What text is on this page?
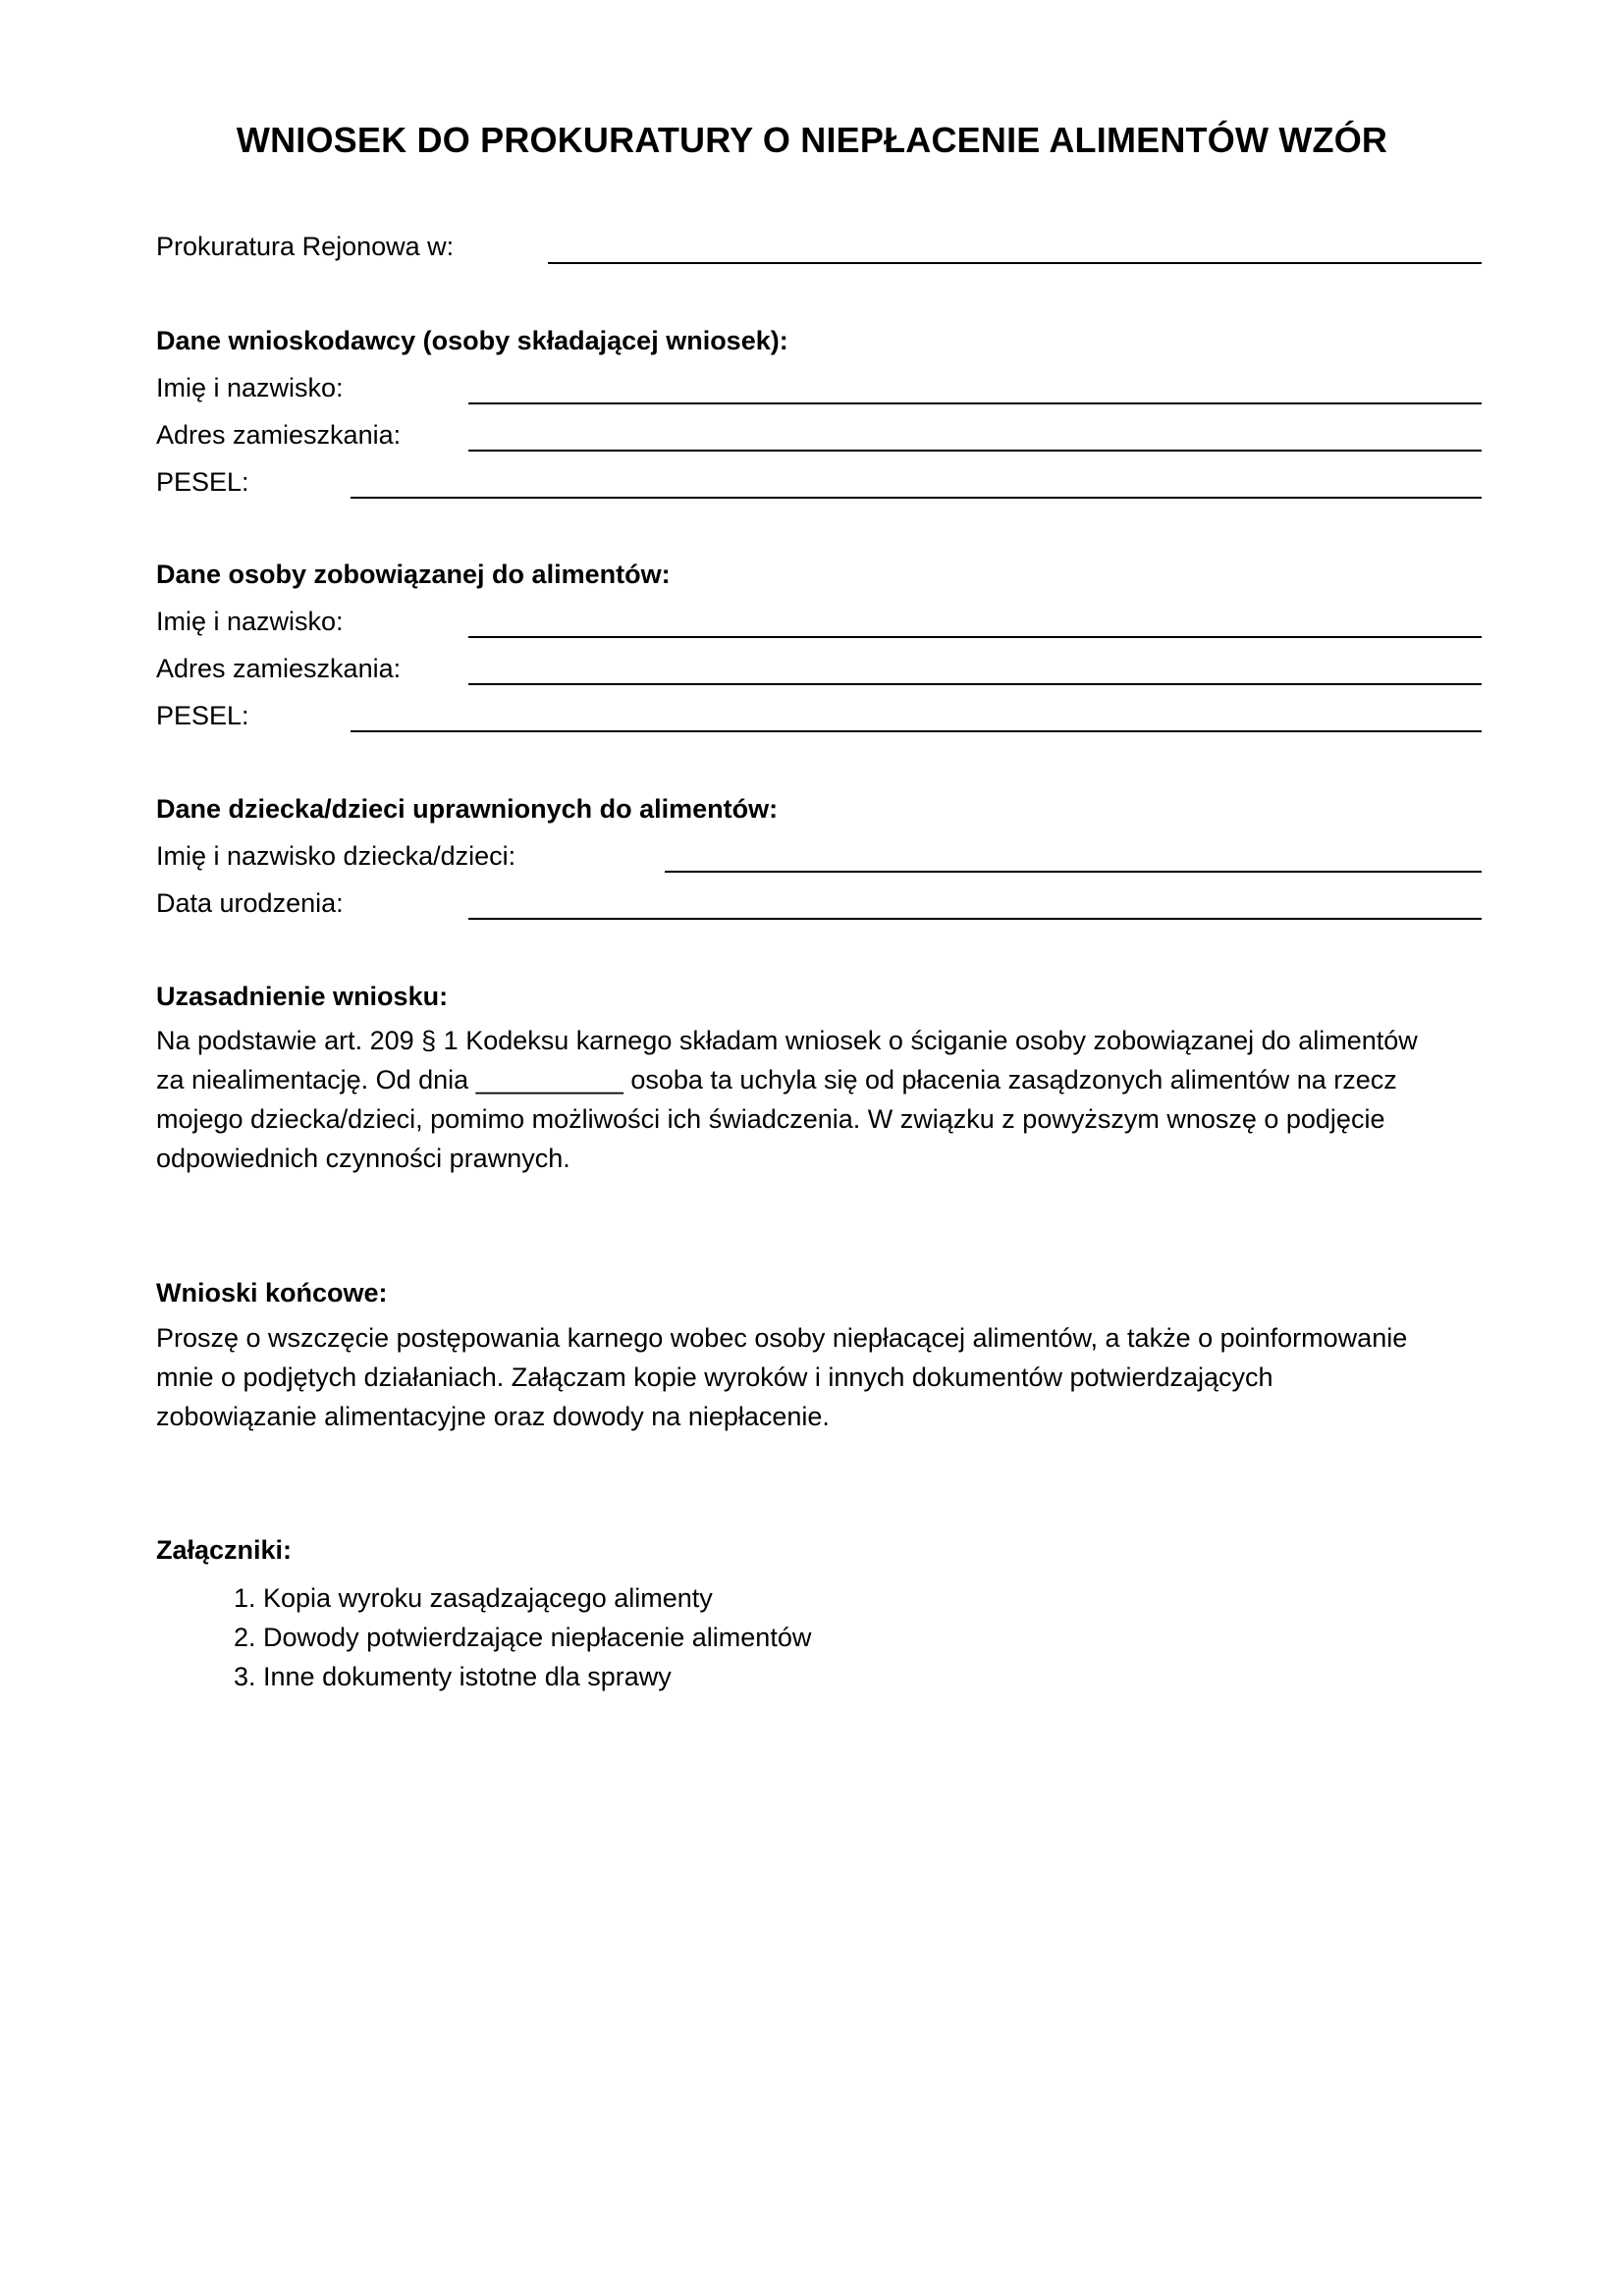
WNIOSEK DO PROKURATURY O NIEPŁACENIE ALIMENTÓW WZÓR
Prokuratura Rejonowa w:
Dane wnioskodawcy (osoby składającej wniosek):
Imię i nazwisko:
Adres zamieszkania:
PESEL:
Dane osoby zobowiązanej do alimentów:
Imię i nazwisko:
Adres zamieszkania:
PESEL:
Dane dziecka/dzieci uprawnionych do alimentów:
Imię i nazwisko dziecka/dzieci:
Data urodzenia:
Uzasadnienie wniosku:
Na podstawie art. 209 § 1 Kodeksu karnego składam wniosek o ściganie osoby zobowiązanej do alimentów
za niealimentację. Od dnia __________ osoba ta uchyla się od płacenia zasądzonych alimentów na rzecz
mojego dziecka/dzieci, pomimo możliwości ich świadczenia. W związku z powyższym wnoszę o podjęcie
odpowiednich czynności prawnych.
Wnioski końcowe:
Proszę o wszczęcie postępowania karnego wobec osoby niepłacącej alimentów, a także o poinformowanie
mnie o podjętych działaniach. Załączam kopie wyroków i innych dokumentów potwierdzających
zobowiązanie alimentacyjne oraz dowody na niepłacenie.
Załączniki:
1. Kopia wyroku zasądzającego alimenty
2. Dowody potwierdzające niepłacenie alimentów
3. Inne dokumenty istotne dla sprawy
